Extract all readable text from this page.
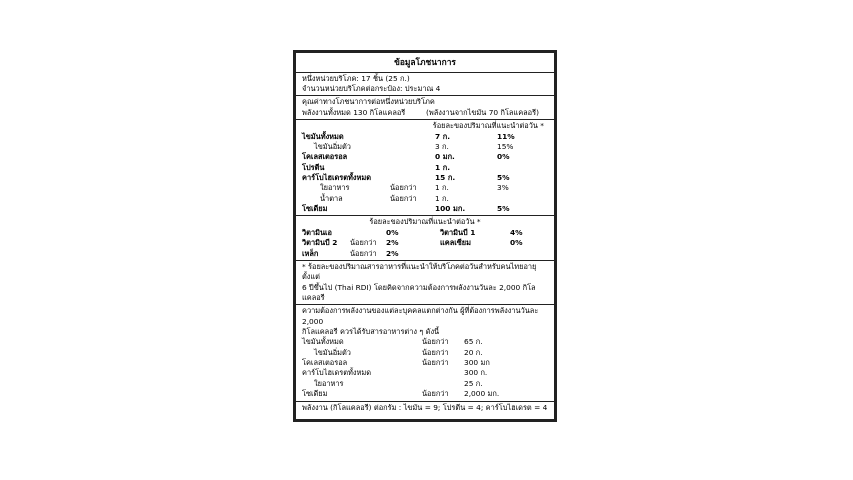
ข้อมูลโภชนาการ

หนึ่งหน่วยบริโภค: 17 ชิ้น (25 ก.)

จำนวนหน่วยบริโภคต่อกระป๋อง: ประมาณ 4

คุณค่าทางโภชนาการต่อหนึ่งหน่วยบริโภค

พลังงานทั้งหมด 130 กิโลแคลอรี	(พลังงานจากไขมัน 70 กิโลแคลอรี)

ร้อยละของปริมาณที่แนะนำต่อวัน *

ไขมันทั้งหมด	7 ก.	11%
ไขมันอิ่มตัว	3 ก.	15%
โคเลสเตอรอล	0 มก.	0%
โปรตีน	1 ก.
คาร์โบไฮเดรตทั้งหมด	15 ก.	5%
ใยอาหาร	น้อยกว่า	1 ก.	3%
น้ำตาล	น้อยกว่า	1 ก.
โซเดียม	100 มก.	5%

ร้อยละของปริมาณที่แนะนำต่อวัน *

วิตามินเอ	0%	วิตามินบี 1	4%
วิตามินบี 2	น้อยกว่า	2%	แคลเซียม	0%
เหล็ก	น้อยกว่า	2%

* ร้อยละของปริมาณสารอาหารที่แนะนำให้บริโภคต่อวันสำหรับคนไทยอายุตั้งแต่

6 ปีขึ้นไป (Thai RDI) โดยคิดจากความต้องการพลังงานวันละ 2,000 กิโลแคลอรี

ความต้องการพลังงานของแต่ละบุคคลแตกต่างกัน ผู้ที่ต้องการพลังงานวันละ 2,000

กิโลแคลอรี ควรได้รับสารอาหารต่าง ๆ ดังนี้

ไขมันทั้งหมด	น้อยกว่า	65 ก.
ไขมันอิ่มตัว	น้อยกว่า	20 ก.
โคเลสเตอรอล	น้อยกว่า	300 มก
คาร์โบไฮเดรตทั้งหมด	300 ก.
ใยอาหาร	25 ก.
โซเดียม	น้อยกว่า	2,000 มก.

พลังงาน (กิโลแคลอรี) ต่อกรัม : ไขมัน = 9; โปรตีน = 4; คาร์โบไฮเดรต = 4
